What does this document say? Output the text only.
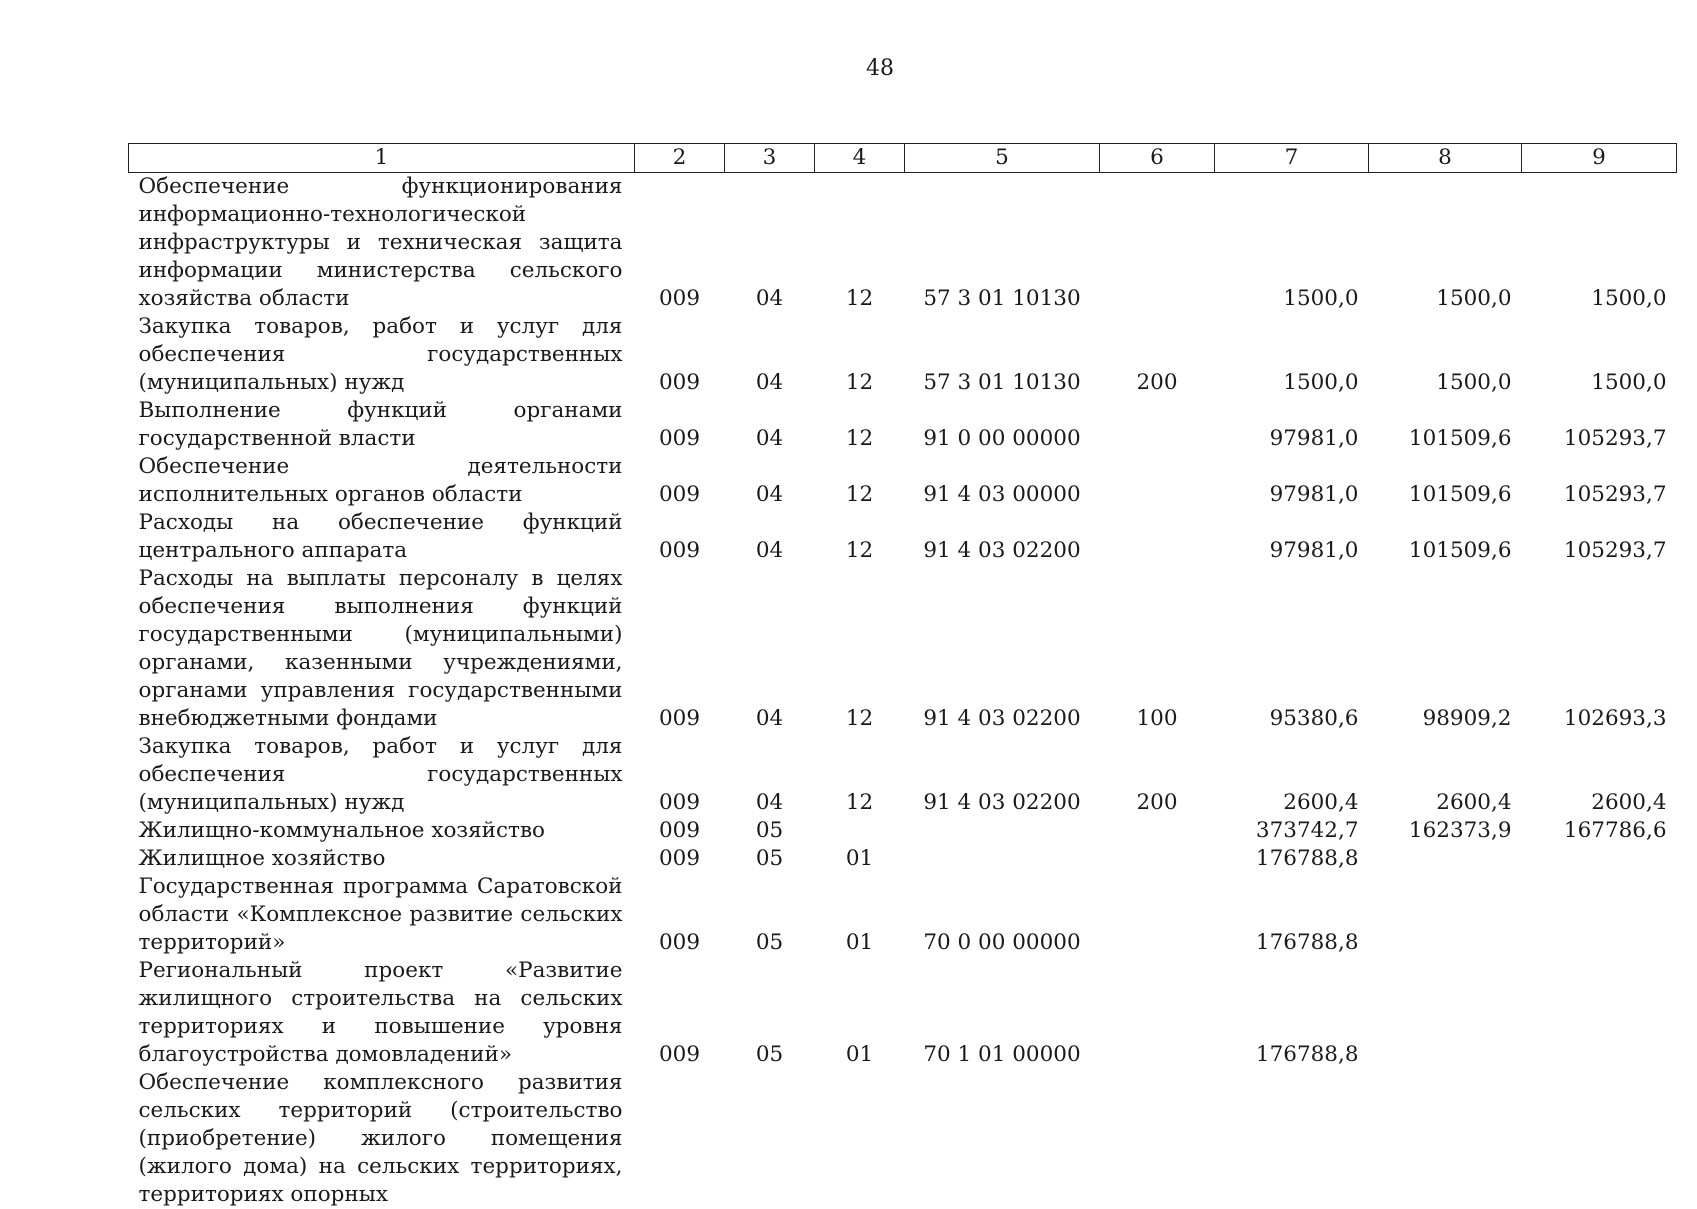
48
1	2	3	4	5	6	7	8	9
Обеспечение функционирования информационно-технологической инфраструктуры и техническая защита информации министерства сельского хозяйства области	009	04	12	57 3 01 10130		1500,0	1500,0	1500,0
Закупка товаров, работ и услуг для обеспечения государственных (муниципальных) нужд	009	04	12	57 3 01 10130	200	1500,0	1500,0	1500,0
Выполнение функций органами государственной власти	009	04	12	91 0 00 00000		97981,0	101509,6	105293,7
Обеспечение деятельности исполнительных органов области	009	04	12	91 4 03 00000		97981,0	101509,6	105293,7
Расходы на обеспечение функций центрального аппарата	009	04	12	91 4 03 02200		97981,0	101509,6	105293,7
Расходы на выплаты персоналу в целях обеспечения выполнения функций государственными (муниципальными) органами, казенными учреждениями, органами управления государственными внебюджетными фондами	009	04	12	91 4 03 02200	100	95380,6	98909,2	102693,3
Закупка товаров, работ и услуг для обеспечения государственных (муниципальных) нужд	009	04	12	91 4 03 02200	200	2600,4	2600,4	2600,4
Жилищно-коммунальное хозяйство	009	05				373742,7	162373,9	167786,6
Жилищное хозяйство	009	05	01			176788,8		
Государственная программа Саратовской области «Комплексное развитие сельских территорий»	009	05	01	70 0 00 00000		176788,8		
Региональный проект «Развитие жилищного строительства на сельских территориях и повышение уровня благоустройства домовладений»	009	05	01	70 1 01 00000		176788,8		
Обеспечение комплексного развития сельских территорий (строительство (приобретение) жилого помещения (жилого дома) на сельских территориях, территориях опорных								
